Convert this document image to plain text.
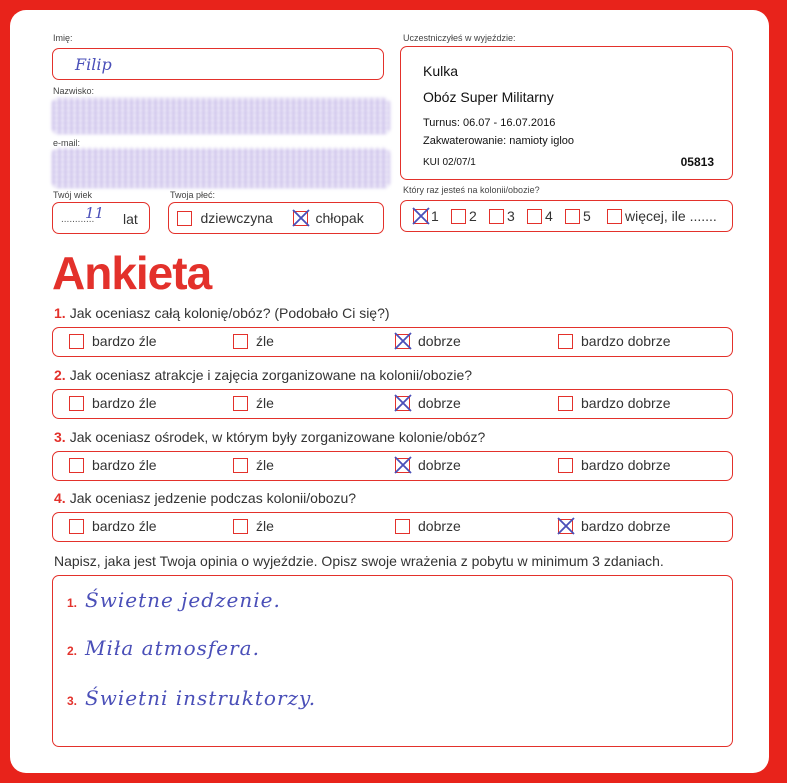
Imię:
Filip
Nazwisko:
e-mail:
Twój wiek
............
11 lat
Twoja płeć:
dziewczyna	chłopak
Uczestniczyłeś w wyjeździe:
Kulka
Obóz Super Militarny
Turnus: 06.07 - 16.07.2016
Zakwaterowanie: namioty igloo
KUI 02/07/1	05813
Który raz jesteś na kolonii/obozie?
1	2	3	4	5	więcej, ile .......
Ankieta
1. Jak oceniasz całą kolonię/obóz? (Podobało Ci się?)
bardzo źle	źle	dobrze	bardzo dobrze
2. Jak oceniasz atrakcje i zajęcia zorganizowane na kolonii/obozie?
bardzo źle	źle	dobrze	bardzo dobrze
3. Jak oceniasz ośrodek, w którym były zorganizowane kolonie/obóz?
bardzo źle	źle	dobrze	bardzo dobrze
4. Jak oceniasz jedzenie podczas kolonii/obozu?
bardzo źle	źle	dobrze	bardzo dobrze
Napisz, jaka jest Twoja opinia o wyjeździe. Opisz swoje wrażenia z pobytu w minimum 3 zdaniach.
1. Świetne jedzenie.
2. Miła atmosfera.
3. Świetni instruktorzy.
